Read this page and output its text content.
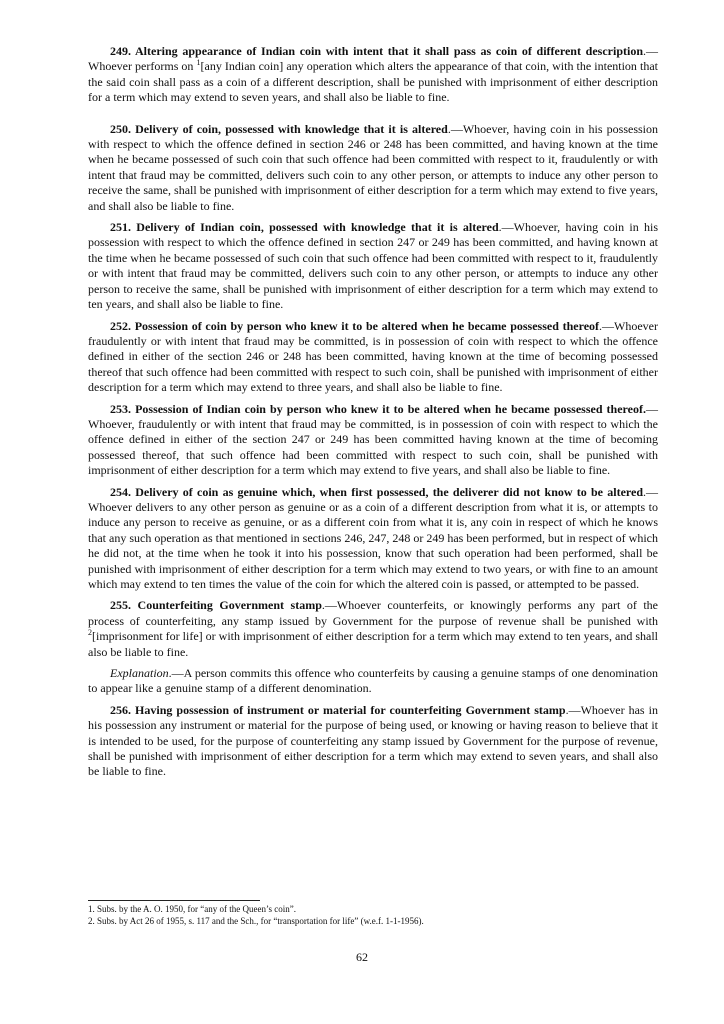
249. Altering appearance of Indian coin with intent that it shall pass as coin of different description.—Whoever performs on $^1$[any Indian coin] any operation which alters the appearance of that coin, with the intention that the said coin shall pass as a coin of a different description, shall be punished with imprisonment of either description for a term which may extend to seven years, and shall also be liable to fine.

250. Delivery of coin, possessed with knowledge that it is altered.—Whoever, having coin in his possession with respect to which the offence defined in section 246 or 248 has been committed, and having known at the time when he became possessed of such coin that such offence had been committed with respect to it, fraudulently or with intent that fraud may be committed, delivers such coin to any other person, or attempts to induce any other person to receive the same, shall be punished with imprisonment of either description for a term which may extend to five years, and shall also be liable to fine.

251. Delivery of Indian coin, possessed with knowledge that it is altered.—Whoever, having coin in his possession with respect to which the offence defined in section 247 or 249 has been committed, and having known at the time when he became possessed of such coin that such offence had been committed with respect to it, fraudulently or with intent that fraud may be committed, delivers such coin to any other person, or attempts to induce any other person to receive the same, shall be punished with imprisonment of either description for a term which may extend to ten years, and shall also be liable to fine.

252. Possession of coin by person who knew it to be altered when he became possessed thereof.—Whoever fraudulently or with intent that fraud may be committed, is in possession of coin with respect to which the offence defined in either of the section 246 or 248 has been committed, having known at the time of becoming possessed thereof that such offence had been committed with respect to such coin, shall be punished with imprisonment of either description for a term which may extend to three years, and shall also be liable to fine.

253. Possession of Indian coin by person who knew it to be altered when he became possessed thereof.—Whoever, fraudulently or with intent that fraud may be committed, is in possession of coin with respect to which the offence defined in either of the section 247 or 249 has been committed having known at the time of becoming possessed thereof, that such offence had been committed with respect to such coin, shall be punished with imprisonment of either description for a term which may extend to five years, and shall also be liable to fine.

254. Delivery of coin as genuine which, when first possessed, the deliverer did not know to be altered.—Whoever delivers to any other person as genuine or as a coin of a different description from what it is, or attempts to induce any person to receive as genuine, or as a different coin from what it is, any coin in respect of which he knows that any such operation as that mentioned in sections 246, 247, 248 or 249 has been performed, but in respect of which he did not, at the time when he took it into his possession, know that such operation had been performed, shall be punished with imprisonment of either description for a term which may extend to two years, or with fine to an amount which may extend to ten times the value of the coin for which the altered coin is passed, or attempted to be passed.

255. Counterfeiting Government stamp.—Whoever counterfeits, or knowingly performs any part of the process of counterfeiting, any stamp issued by Government for the purpose of revenue shall be punished with $^2$[imprisonment for life] or with imprisonment of either description for a term which may extend to ten years, and shall also be liable to fine.

Explanation.—A person commits this offence who counterfeits by causing a genuine stamps of one denomination to appear like a genuine stamp of a different denomination.

256. Having possession of instrument or material for counterfeiting Government stamp.—Whoever has in his possession any instrument or material for the purpose of being used, or knowing or having reason to believe that it is intended to be used, for the purpose of counterfeiting any stamp issued by Government for the purpose of revenue, shall be punished with imprisonment of either description for a term which may extend to seven years, and shall also be liable to fine.

1. Subs. by the A. O. 1950, for “any of the Queen’s coin”.

2. Subs. by Act 26 of 1955, s. 117 and the Sch., for “transportation for life” (w.e.f. 1-1-1956).

62
